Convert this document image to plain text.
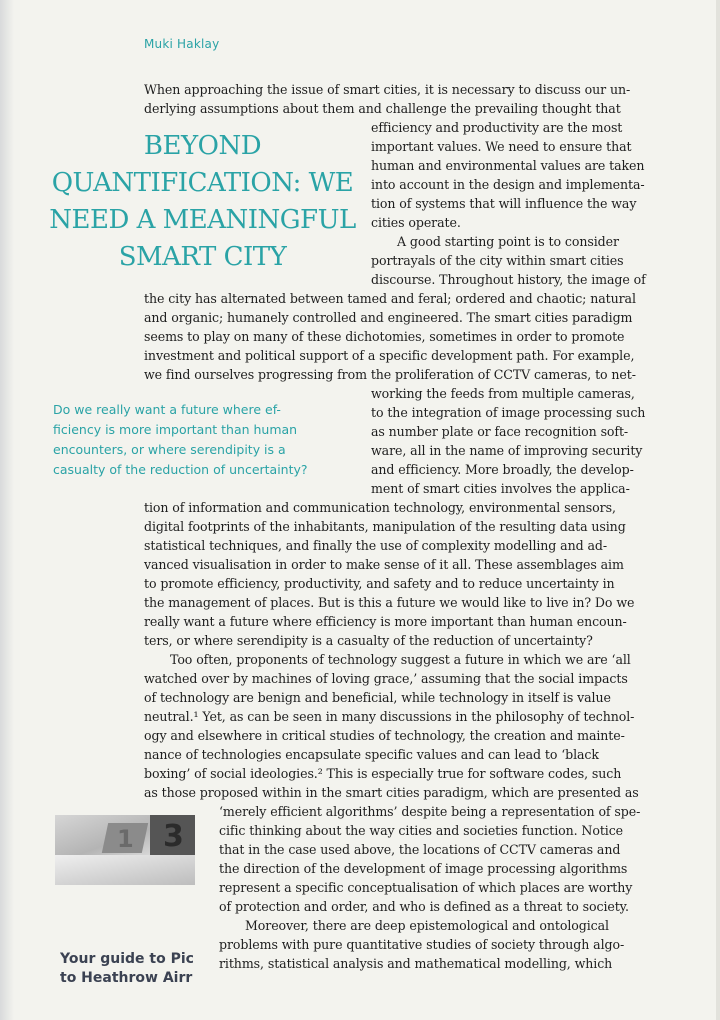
Muki Haklay
BEYOND
QUANTIFICATION: WE
NEED A MEANINGFUL
SMART CITY
Do we really want a future where ef-
ficiency is more important than human
encounters, or where serendipity is a
casualty of the reduction of uncertainty?
When approaching the issue of smart cities, it is necessary to discuss our un-
derlying assumptions about them and challenge the prevailing thought that
efficiency and productivity are the most
important values. We need to ensure that
human and environmental values are taken
into account in the design and implementa-
tion of systems that will influence the way
cities operate.
A good starting point is to consider
portrayals of the city within smart cities
discourse. Throughout history, the image of
the city has alternated between tamed and feral; ordered and chaotic; natural
and organic; humanely controlled and engineered. The smart cities paradigm
seems to play on many of these dichotomies, sometimes in order to promote
investment and political support of a specific development path. For example,
we find ourselves progressing from the proliferation of CCTV cameras, to net-
working the feeds from multiple cameras,
to the integration of image processing such
as number plate or face recognition soft-
ware, all in the name of improving security
and efficiency. More broadly, the develop-
ment of smart cities involves the applica-
tion of information and communication technology, environmental sensors,
digital footprints of the inhabitants, manipulation of the resulting data using
statistical techniques, and finally the use of complexity modelling and ad-
vanced visualisation in order to make sense of it all. These assemblages aim
to promote efficiency, productivity, and safety and to reduce uncertainty in
the management of places. But is this a future we would like to live in? Do we
really want a future where efficiency is more important than human encoun-
ters, or where serendipity is a casualty of the reduction of uncertainty?
Too often, proponents of technology suggest a future in which we are ‘all
watched over by machines of loving grace,’ assuming that the social impacts
of technology are benign and beneficial, while technology in itself is value
neutral.¹ Yet, as can be seen in many discussions in the philosophy of technol-
ogy and elsewhere in critical studies of technology, the creation and mainte-
nance of technologies encapsulate specific values and can lead to ‘black
boxing’ of social ideologies.² This is especially true for software codes, such
as those proposed within in the smart cities paradigm, which are presented as
‘merely efficient algorithms’ despite being a representation of spe-
cific thinking about the way cities and societies function. Notice
that in the case used above, the locations of CCTV cameras and
the direction of the development of image processing algorithms
represent a specific conceptualisation of which places are worthy
of protection and order, and who is defined as a threat to society.
Moreover, there are deep epistemological and ontological
problems with pure quantitative studies of society through algo-
rithms, statistical analysis and mathematical modelling, which
1 3
Your guide to Pic
to Heathrow Airr
